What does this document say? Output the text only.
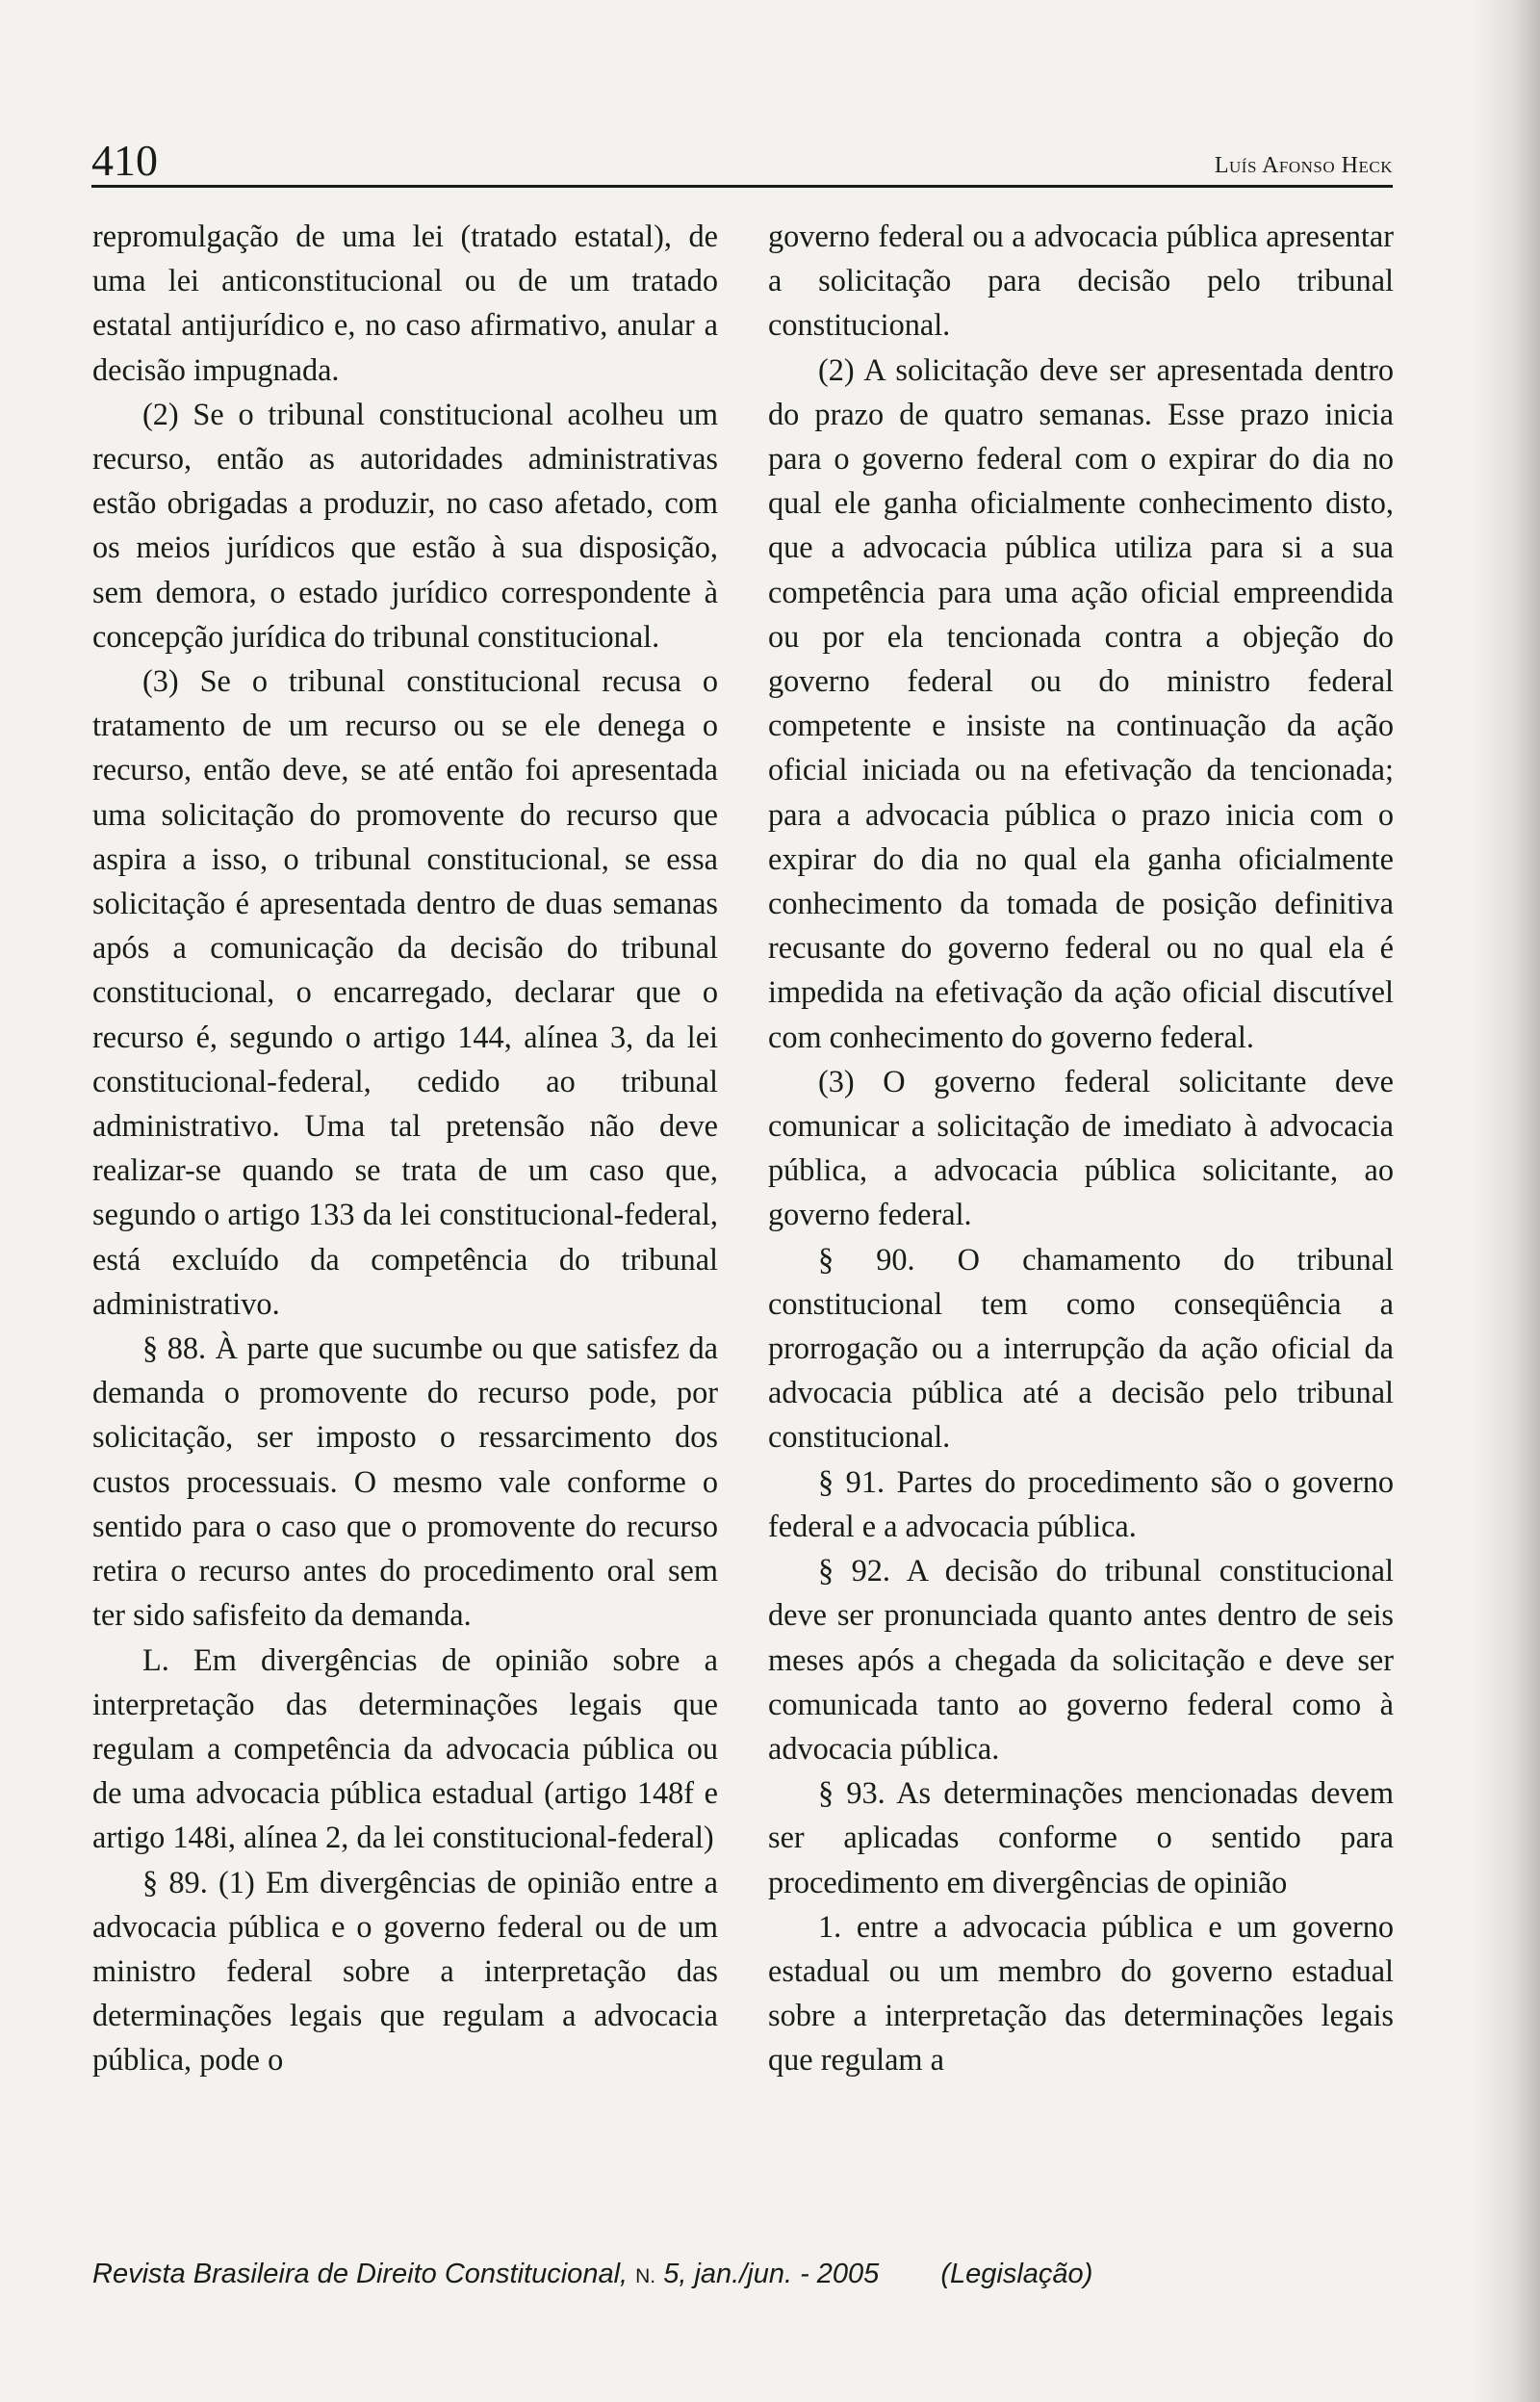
410	Luís Afonso Heck

repromulgação de uma lei (tratado estatal), de uma lei anticonstitucional ou de um tratado estatal antijurídico e, no caso afirmativo, anular a decisão impugnada.

(2) Se o tribunal constitucional acolheu um recurso, então as autoridades administrativas estão obrigadas a produzir, no caso afetado, com os meios jurídicos que estão à sua disposição, sem demora, o estado jurídico correspondente à concepção jurídica do tribunal constitucional.

(3) Se o tribunal constitucional recusa o tratamento de um recurso ou se ele denega o recurso, então deve, se até então foi apresentada uma solicitação do promovente do recurso que aspira a isso, o tribunal constitucional, se essa solicitação é apresentada dentro de duas semanas após a comunicação da decisão do tribunal constitucional, o encarregado, declarar que o recurso é, segundo o artigo 144, alínea 3, da lei constitucional-federal, cedido ao tribunal administrativo. Uma tal pretensão não deve realizar-se quando se trata de um caso que, segundo o artigo 133 da lei constitucional-federal, está excluído da competência do tribunal administrativo.

§ 88. À parte que sucumbe ou que satisfez da demanda o promovente do recurso pode, por solicitação, ser imposto o ressarcimento dos custos processuais. O mesmo vale conforme o sentido para o caso que o promovente do recurso retira o recurso antes do procedimento oral sem ter sido safisfeito da demanda.

L. Em divergências de opinião sobre a interpretação das determinações legais que regulam a competência da advocacia pública ou de uma advocacia pública estadual (artigo 148f e artigo 148i, alínea 2, da lei constitucional-federal)

§ 89. (1) Em divergências de opinião entre a advocacia pública e o governo federal ou de um ministro federal sobre a interpretação das determinações legais que regulam a advocacia pública, pode o

governo federal ou a advocacia pública apresentar a solicitação para decisão pelo tribunal constitucional.

(2) A solicitação deve ser apresentada dentro do prazo de quatro semanas. Esse prazo inicia para o governo federal com o expirar do dia no qual ele ganha oficialmente conhecimento disto, que a advocacia pública utiliza para si a sua competência para uma ação oficial empreendida ou por ela tencionada contra a objeção do governo federal ou do ministro federal competente e insiste na continuação da ação oficial iniciada ou na efetivação da tencionada; para a advocacia pública o prazo inicia com o expirar do dia no qual ela ganha oficialmente conhecimento da tomada de posição definitiva recusante do governo federal ou no qual ela é impedida na efetivação da ação oficial discutível com conhecimento do governo federal.

(3) O governo federal solicitante deve comunicar a solicitação de imediato à advocacia pública, a advocacia pública solicitante, ao governo federal.

§ 90. O chamamento do tribunal constitucional tem como conseqüência a prorrogação ou a interrupção da ação oficial da advocacia pública até a decisão pelo tribunal constitucional.

§ 91. Partes do procedimento são o governo federal e a advocacia pública.

§ 92. A decisão do tribunal constitucional deve ser pronunciada quanto antes dentro de seis meses após a chegada da solicitação e deve ser comunicada tanto ao governo federal como à advocacia pública.

§ 93. As determinações mencionadas devem ser aplicadas conforme o sentido para procedimento em divergências de opinião

1. entre a advocacia pública e um governo estadual ou um membro do governo estadual sobre a interpretação das determinações legais que regulam a

Revista Brasileira de Direito Constitucional, N. 5, jan./jun. - 2005 (Legislação)
